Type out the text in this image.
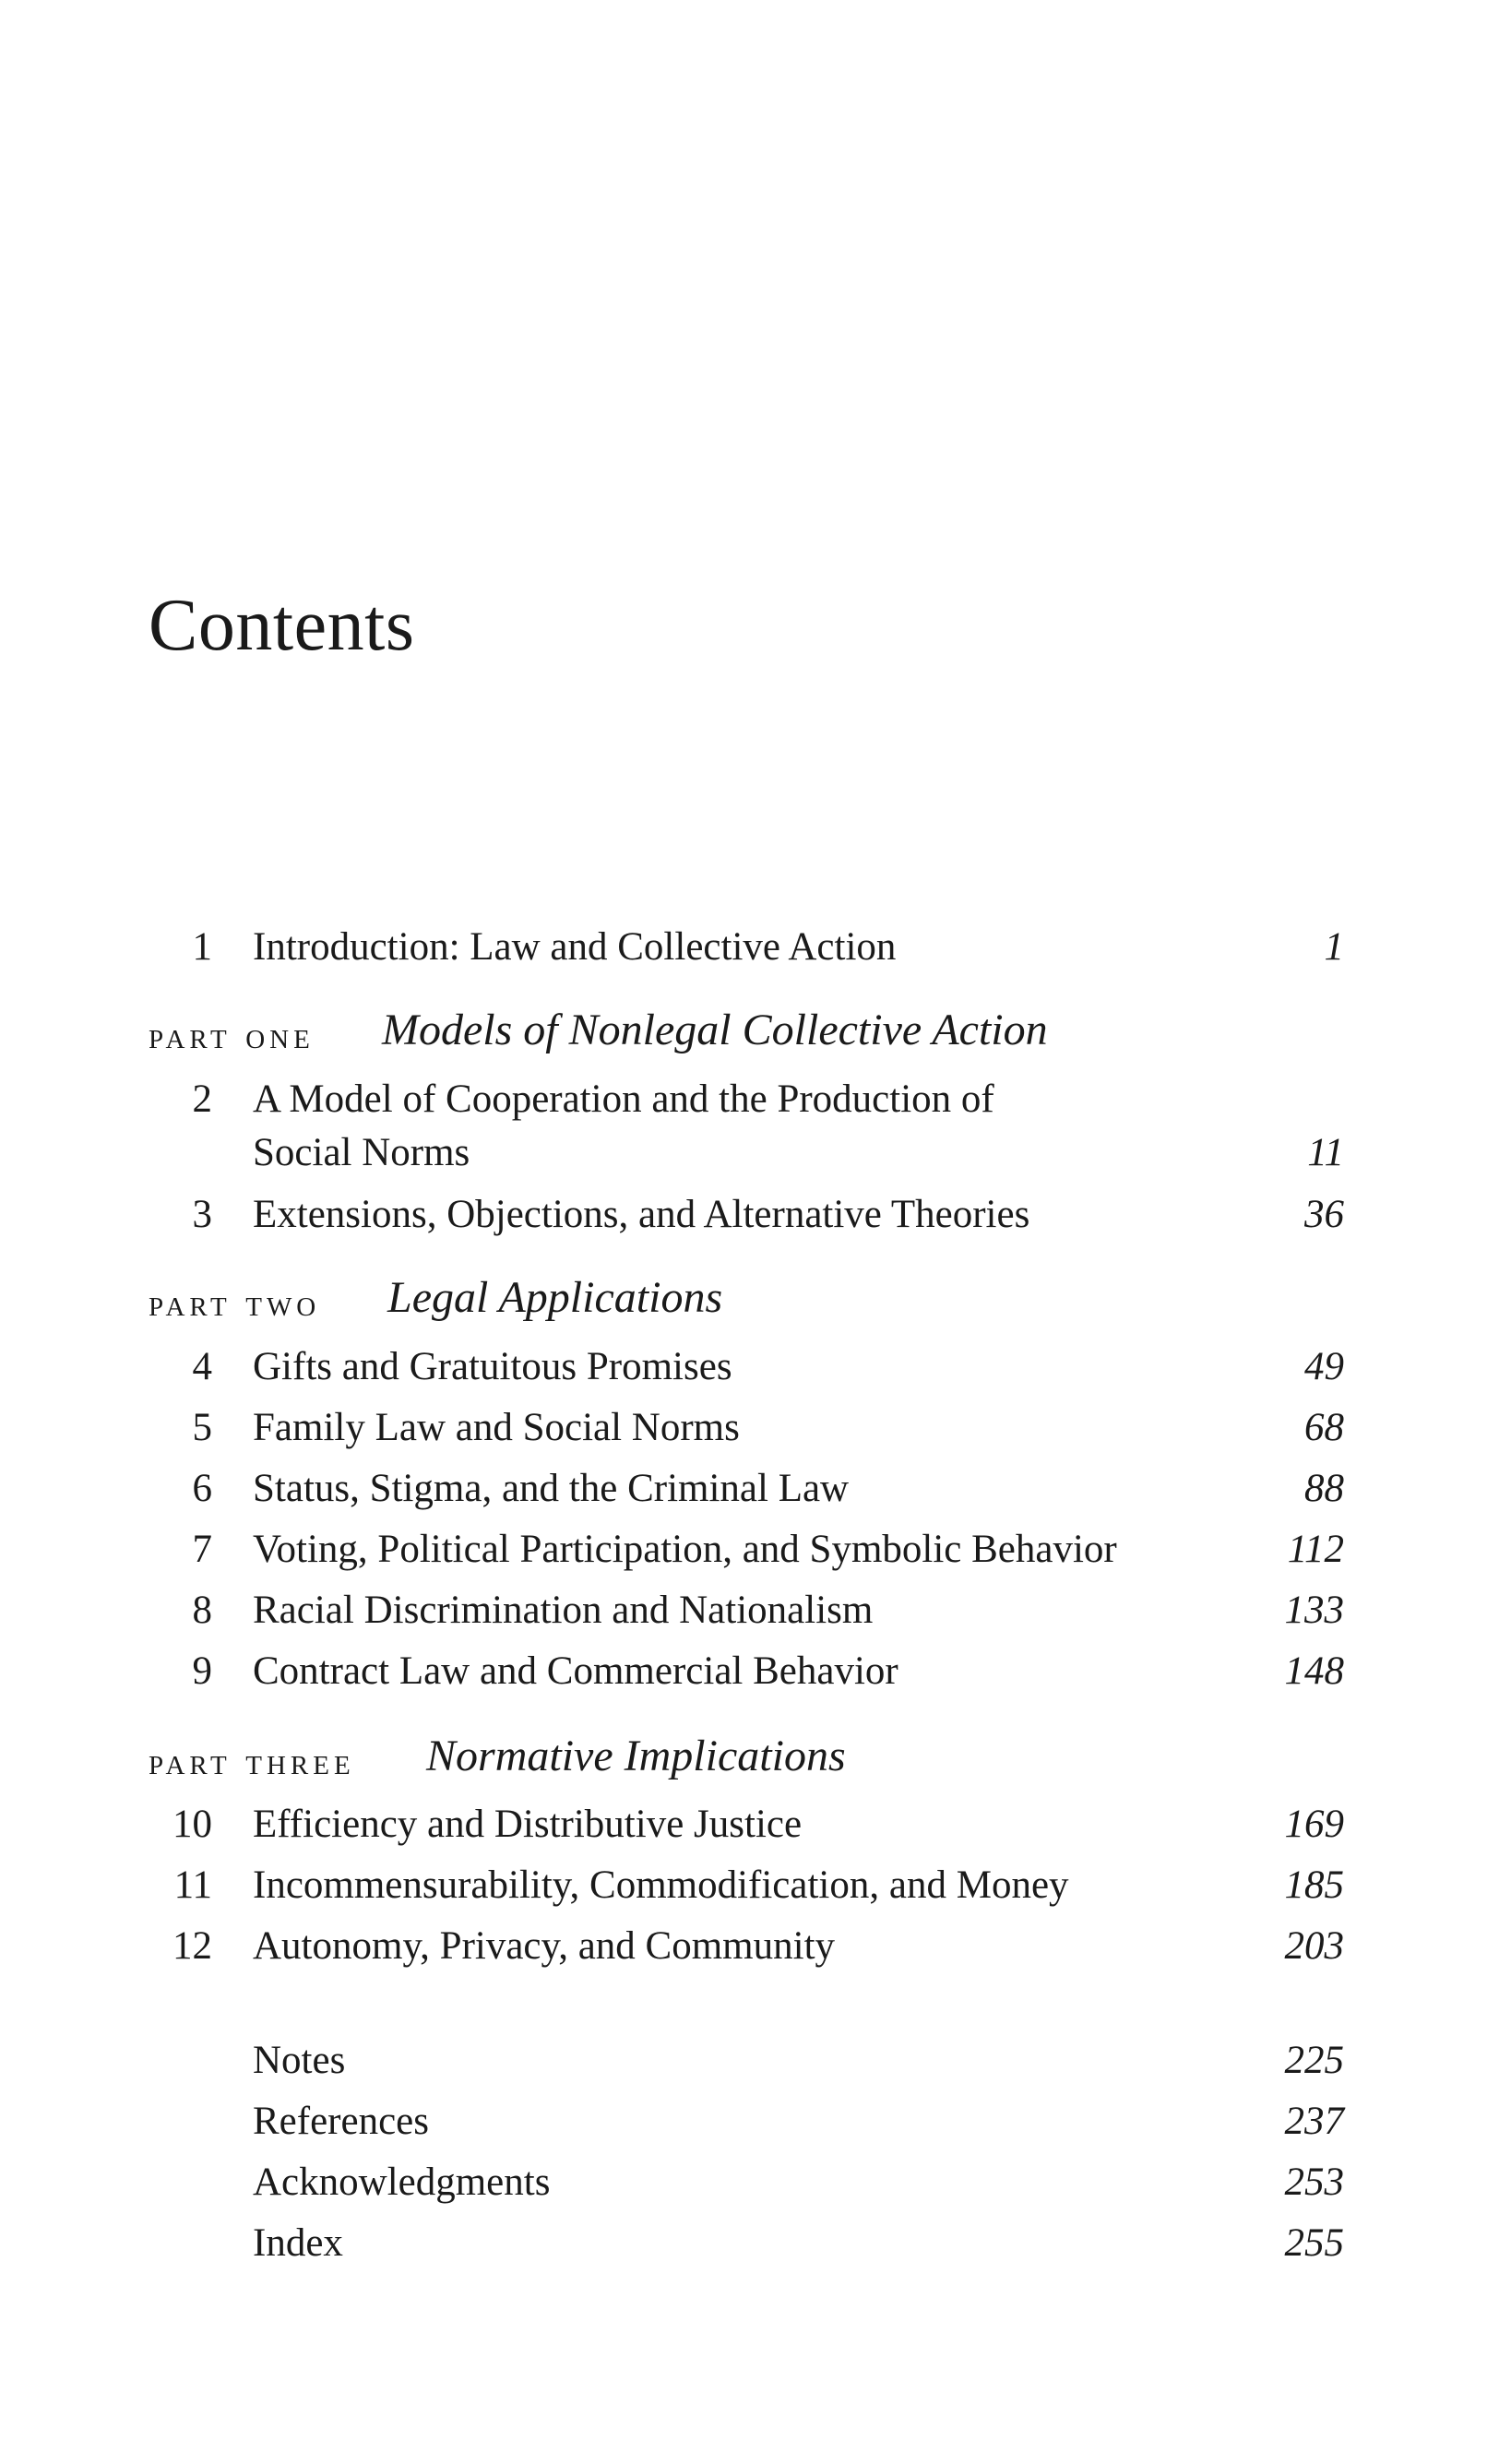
Contents
1 Introduction: Law and Collective Action	1
part one Models of Nonlegal Collective Action
2 A Model of Cooperation and the Production of
Social Norms	11
3 Extensions, Objections, and Alternative Theories	36
part two Legal Applications
4 Gifts and Gratuitous Promises	49
5 Family Law and Social Norms	68
6 Status, Stigma, and the Criminal Law	88
7 Voting, Political Participation, and Symbolic Behavior	112
8 Racial Discrimination and Nationalism	133
9 Contract Law and Commercial Behavior	148
part three Normative Implications
10 Efficiency and Distributive Justice	169
11 Incommensurability, Commodification, and Money	185
12 Autonomy, Privacy, and Community	203
Notes	225
References	237
Acknowledgments	253
Index	255
